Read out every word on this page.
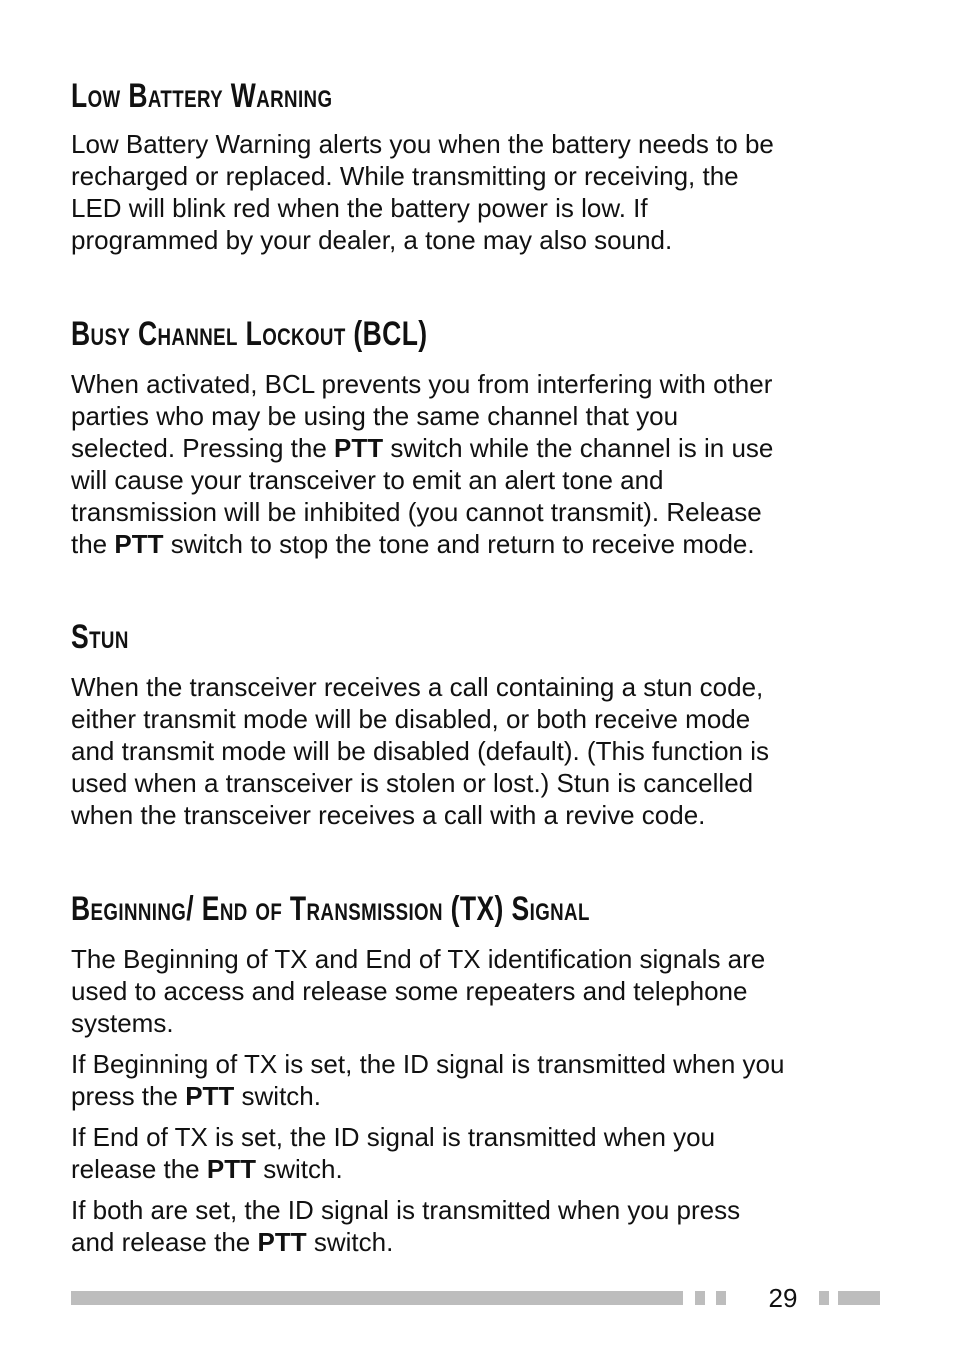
Low Battery Warning

Low Battery Warning alerts you when the battery needs to be
recharged or replaced. While transmitting or receiving, the
LED will blink red when the battery power is low. If
programmed by your dealer, a tone may also sound.

Busy Channel Lockout (BCL)

When activated, BCL prevents you from interfering with other
parties who may be using the same channel that you
selected. Pressing the PTT switch while the channel is in use
will cause your transceiver to emit an alert tone and
transmission will be inhibited (you cannot transmit). Release
the PTT switch to stop the tone and return to receive mode.

Stun

When the transceiver receives a call containing a stun code,
either transmit mode will be disabled, or both receive mode
and transmit mode will be disabled (default). (This function is
used when a transceiver is stolen or lost.) Stun is cancelled
when the transceiver receives a call with a revive code.

Beginning/ End of Transmission (TX) Signal

The Beginning of TX and End of TX identification signals are
used to access and release some repeaters and telephone
systems.

If Beginning of TX is set, the ID signal is transmitted when you
press the PTT switch.

If End of TX is set, the ID signal is transmitted when you
release the PTT switch.

If both are set, the ID signal is transmitted when you press
and release the PTT switch.

29
